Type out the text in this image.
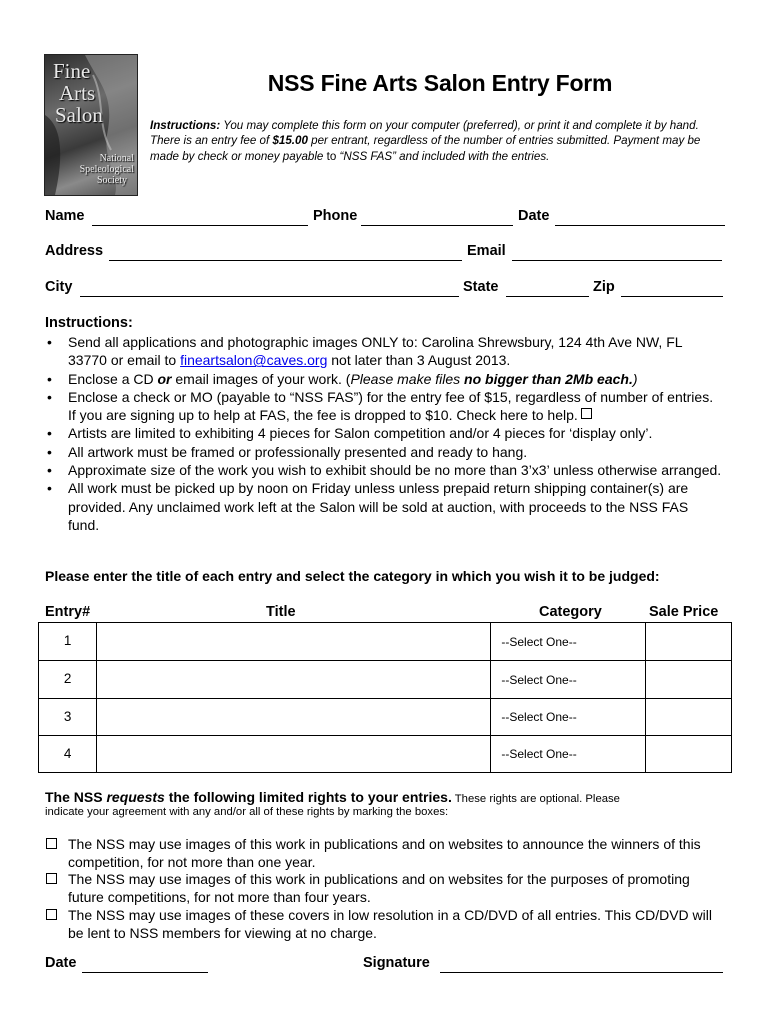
Fine
Arts
Salon
National
Speleological
Society
NSS Fine Arts Salon Entry Form
Instructions: You may complete this form on your computer (preferred), or print it and complete it by hand. There is an entry fee of $15.00 per entrant, regardless of the number of entries submitted. Payment may be made by check or money payable to “NSS FAS” and included with the entries.
Name	Phone	Date
Address	Email
City	State	Zip
Instructions:
• Send all applications and photographic images ONLY to: Carolina Shrewsbury, 124 4th Ave NW, FL 33770 or email to fineartsalon@caves.org not later than 3 August 2013.
• Enclose a CD or email images of your work. (Please make files no bigger than 2Mb each.)
• Enclose a check or MO (payable to “NSS FAS”) for the entry fee of $15, regardless of number of entries. If you are signing up to help at FAS, the fee is dropped to $10. Check here to help.
• Artists are limited to exhibiting 4 pieces for Salon competition and/or 4 pieces for ‘display only’.
• All artwork must be framed or professionally presented and ready to hang.
• Approximate size of the work you wish to exhibit should be no more than 3’x3’ unless otherwise arranged.
• All work must be picked up by noon on Friday unless unless prepaid return shipping container(s) are provided. Any unclaimed work left at the Salon will be sold at auction, with proceeds to the NSS FAS fund.
Please enter the title of each entry and select the category in which you wish it to be judged:
Entry#	Title	Category	Sale Price
1		--Select One--	
2		--Select One--	
3		--Select One--	
4		--Select One--	
The NSS requests the following limited rights to your entries. These rights are optional. Please
indicate your agreement with any and/or all of these rights by marking the boxes:
The NSS may use images of this work in publications and on websites to announce the winners of this competition, for not more than one year.
The NSS may use images of this work in publications and on websites for the purposes of promoting future competitions, for not more than four years.
The NSS may use images of these covers in low resolution in a CD/DVD of all entries. This CD/DVD will be lent to NSS members for viewing at no charge.
Date	Signature
